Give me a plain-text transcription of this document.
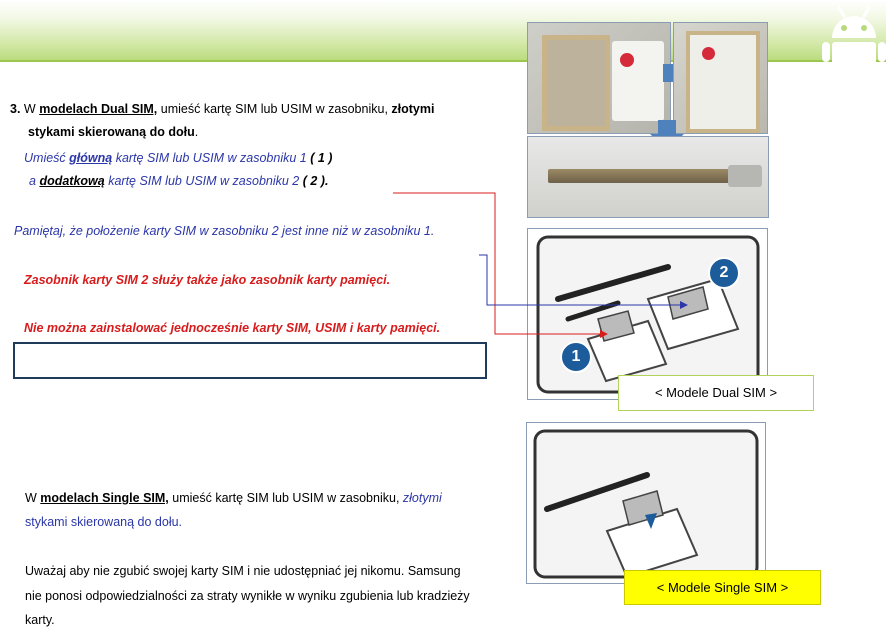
3. W modelach Dual SIM, umieść kartę SIM lub USIM w zasobniku, złotymi
stykami skierowaną do dołu.
Umieść główną kartę SIM lub USIM w zasobniku 1 ( 1 )
a dodatkową kartę SIM lub USIM w zasobniku 2 ( 2 ).
Pamiętaj, że położenie karty SIM w zasobniku 2 jest inne niż w zasobniku 1.
Zasobnik karty SIM 2 służy także jako zasobnik karty pamięci.
Nie można zainstalować jednocześnie karty SIM, USIM i karty pamięci.
1
2
< Modele Dual SIM >
< Modele Single SIM >
W modelach Single SIM, umieść kartę SIM lub USIM w zasobniku, złotymi
stykami skierowaną do dołu.
Uważaj aby nie zgubić swojej karty SIM i nie udostępniać jej nikomu. Samsung
nie ponosi odpowiedzialności za straty wynikłe w wyniku zgubienia lub kradzieży
karty.
